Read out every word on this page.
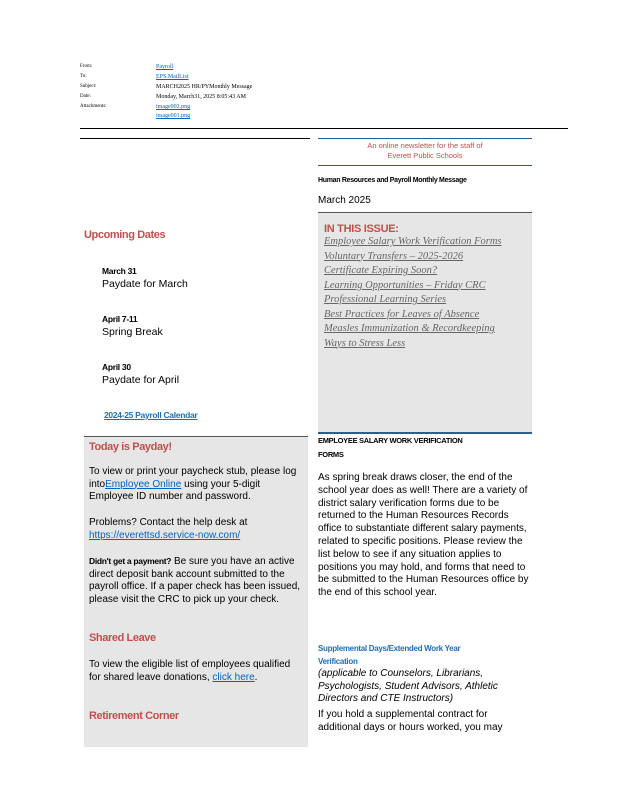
From:	Payroll
To:	EPS.MailList
Subject:	MARCH2025 HR/PYMonthly Message
Date:	Monday, March31, 2025 8:05:43 AM
Attachments:	image002.png
image001.png
An online newsletter for the staff of
Everett Public Schools
Human Resources and Payroll Monthly Message
March 2025
Upcoming Dates
March 31
Paydate for March
April 7-11
Spring Break
April 30
Paydate for April
2024-25 Payroll Calendar
Today is Payday!
To view or print your paycheck stub, please log intoEmployee Online using your 5-digit Employee ID number and password.
Problems? Contact the help desk at
https://everettsd.service-now.com/
Didn't get a payment? Be sure you have an active direct deposit bank account submitted to the payroll office. If a paper check has been issued, please visit the CRC to pick up your check.
Shared Leave
To view the eligible list of employees qualified for shared leave donations, click here.
Retirement Corner
IN THIS ISSUE:
Employee Salary Work Verification Forms
Voluntary Transfers – 2025-2026
Certificate Expiring Soon?
Learning Opportunities – Friday CRC Professional Learning Series
Best Practices for Leaves of Absence
Measles Immunization & Recordkeeping
Ways to Stress Less
EMPLOYEE SALARY WORK VERIFICATION FORMS
As spring break draws closer, the end of the school year does as well! There are a variety of district salary verification forms due to be returned to the Human Resources Records office to substantiate different salary payments, related to specific positions. Please review the list below to see if any situation applies to positions you may hold, and forms that need to be submitted to the Human Resources office by the end of this school year.
Supplemental Days/Extended Work Year Verification
(applicable to Counselors, Librarians, Psychologists, Student Advisors, Athletic Directors and CTE Instructors)
If you hold a supplemental contract for additional days or hours worked, you may
